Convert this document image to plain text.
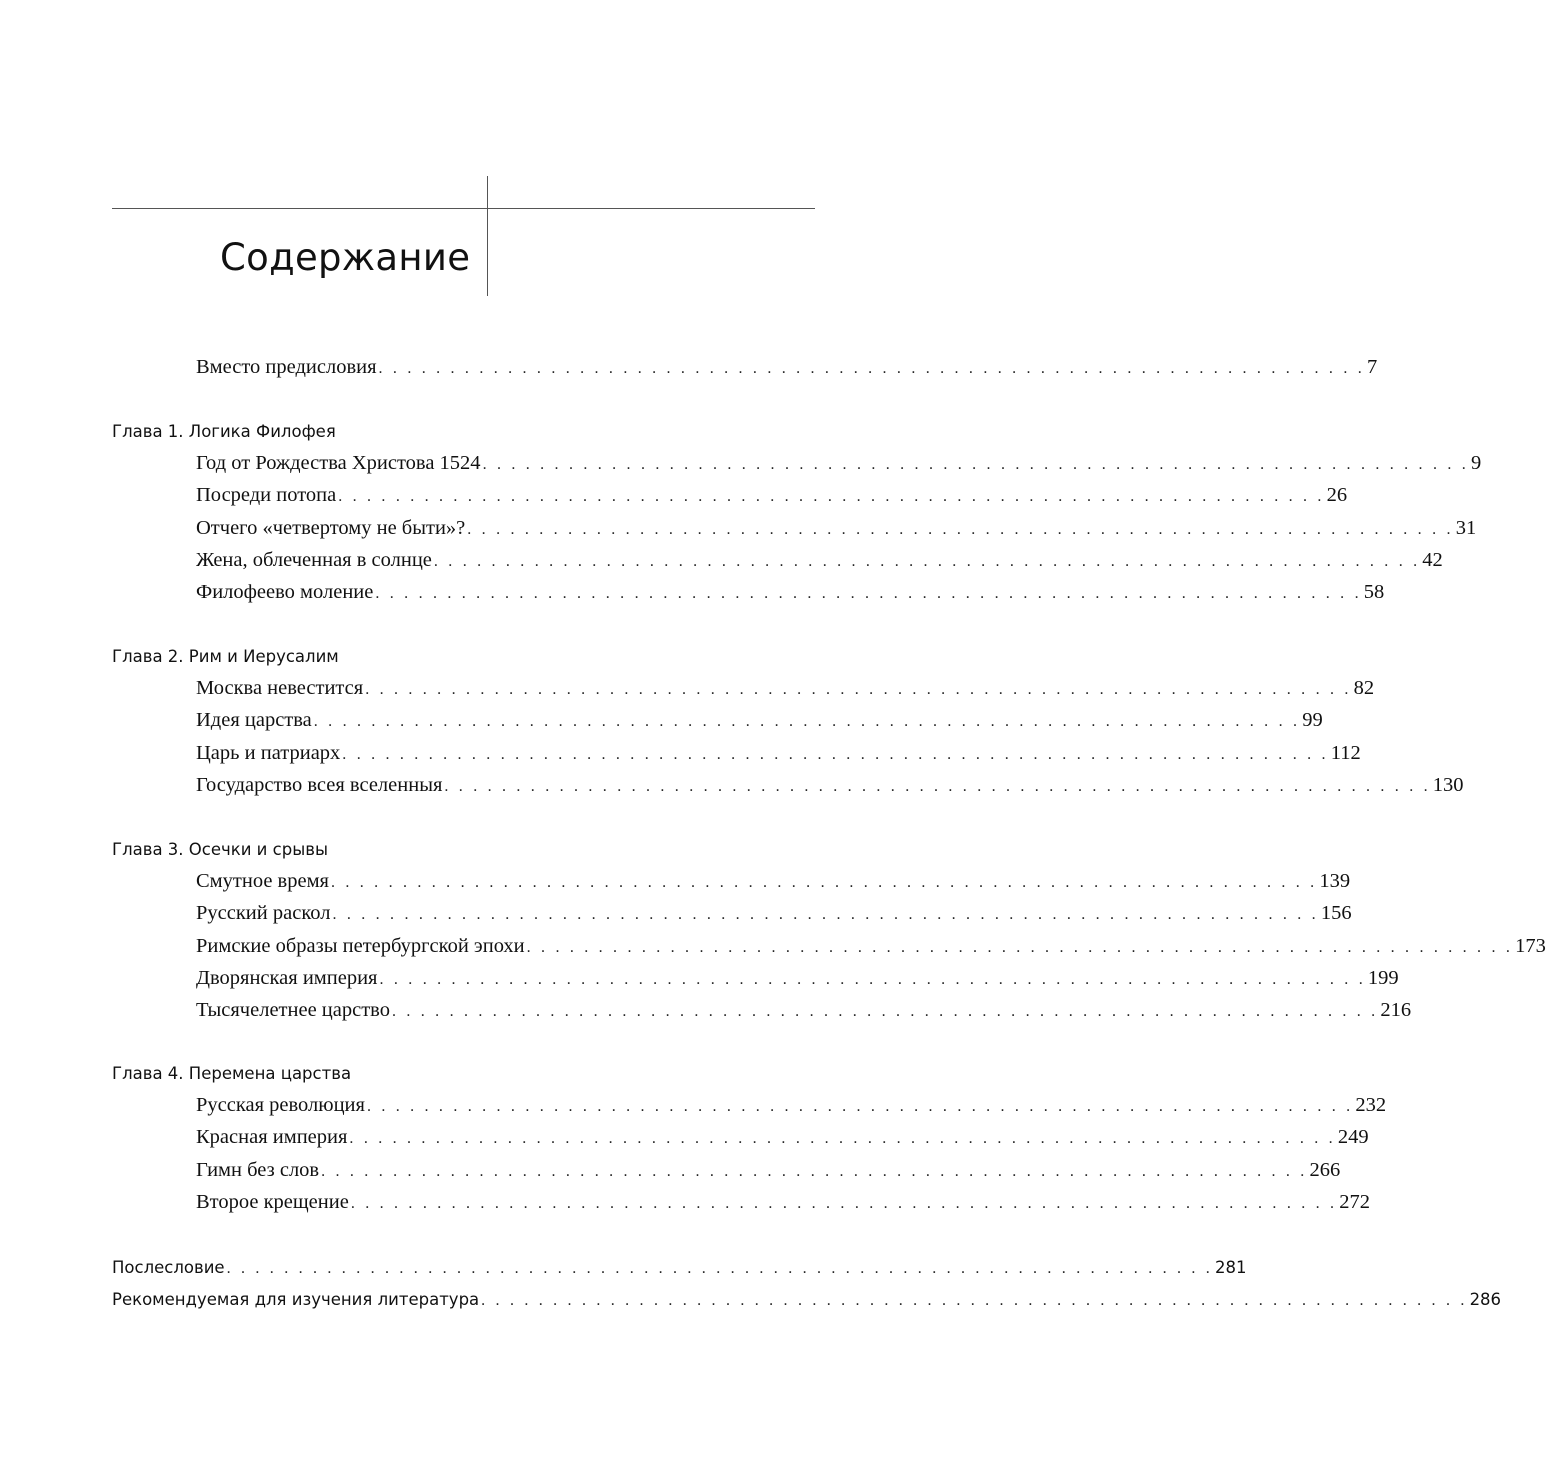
Содержание
Вместо предисловия . . . . . . . . . . . . . . . . . . . . . . . . . . . . . . . . . . . . . . . . . . . . . . . . . . . . . . . . . . . . . . . . . . . . . 7
Глава 1. Логика Филофея
Год от Рождества Христова 1524 . . . . . . . . . . . . . . . . . . . . . . . . . . . . . . . . . . . . . . . . . . . . . . . . . . . . . . . . . . . . . . . . . . . . . 9
Посреди потопа . . . . . . . . . . . . . . . . . . . . . . . . . . . . . . . . . . . . . . . . . . . . . . . . . . . . . . . . . . . . . . . . . . . . . 26
Отчего «четвертому не быти»? . . . . . . . . . . . . . . . . . . . . . . . . . . . . . . . . . . . . . . . . . . . . . . . . . . . . . . . . . . . . . . . . . . . . . 31
Жена, облеченная в солнце . . . . . . . . . . . . . . . . . . . . . . . . . . . . . . . . . . . . . . . . . . . . . . . . . . . . . . . . . . . . . . . . . . . . . 42
Филофеево моление . . . . . . . . . . . . . . . . . . . . . . . . . . . . . . . . . . . . . . . . . . . . . . . . . . . . . . . . . . . . . . . . . . . . . 58
Глава 2. Рим и Иерусалим
Москва невестится . . . . . . . . . . . . . . . . . . . . . . . . . . . . . . . . . . . . . . . . . . . . . . . . . . . . . . . . . . . . . . . . . . . . . 82
Идея царства . . . . . . . . . . . . . . . . . . . . . . . . . . . . . . . . . . . . . . . . . . . . . . . . . . . . . . . . . . . . . . . . . . . . . 99
Царь и патриарх . . . . . . . . . . . . . . . . . . . . . . . . . . . . . . . . . . . . . . . . . . . . . . . . . . . . . . . . . . . . . . . . . . . . . 112
Государство всея вселенныя . . . . . . . . . . . . . . . . . . . . . . . . . . . . . . . . . . . . . . . . . . . . . . . . . . . . . . . . . . . . . . . . . . . . . 130
Глава 3. Осечки и срывы
Смутное время . . . . . . . . . . . . . . . . . . . . . . . . . . . . . . . . . . . . . . . . . . . . . . . . . . . . . . . . . . . . . . . . . . . . . 139
Русский раскол . . . . . . . . . . . . . . . . . . . . . . . . . . . . . . . . . . . . . . . . . . . . . . . . . . . . . . . . . . . . . . . . . . . . . 156
Римские образы петербургской эпохи . . . . . . . . . . . . . . . . . . . . . . . . . . . . . . . . . . . . . . . . . . . . . . . . . . . . . . . . . . . . . . . . . . . . . 173
Дворянская империя . . . . . . . . . . . . . . . . . . . . . . . . . . . . . . . . . . . . . . . . . . . . . . . . . . . . . . . . . . . . . . . . . . . . . 199
Тысячелетнее царство . . . . . . . . . . . . . . . . . . . . . . . . . . . . . . . . . . . . . . . . . . . . . . . . . . . . . . . . . . . . . . . . . . . . . 216
Глава 4. Перемена царства
Русская революция . . . . . . . . . . . . . . . . . . . . . . . . . . . . . . . . . . . . . . . . . . . . . . . . . . . . . . . . . . . . . . . . . . . . . 232
Красная империя . . . . . . . . . . . . . . . . . . . . . . . . . . . . . . . . . . . . . . . . . . . . . . . . . . . . . . . . . . . . . . . . . . . . . 249
Гимн без слов . . . . . . . . . . . . . . . . . . . . . . . . . . . . . . . . . . . . . . . . . . . . . . . . . . . . . . . . . . . . . . . . . . . . . 266
Второе крещение . . . . . . . . . . . . . . . . . . . . . . . . . . . . . . . . . . . . . . . . . . . . . . . . . . . . . . . . . . . . . . . . . . . . . 272
Послесловие . . . . . . . . . . . . . . . . . . . . . . . . . . . . . . . . . . . . . . . . . . . . . . . . . . . . . . . . . . . . . . . . . . . . . 281
Рекомендуемая для изучения литература . . . . . . . . . . . . . . . . . . . . . . . . . . . . . . . . . . . . . . . . . . . . . . . . . . . . . . . . . . . . . . . . . . . . . 286
